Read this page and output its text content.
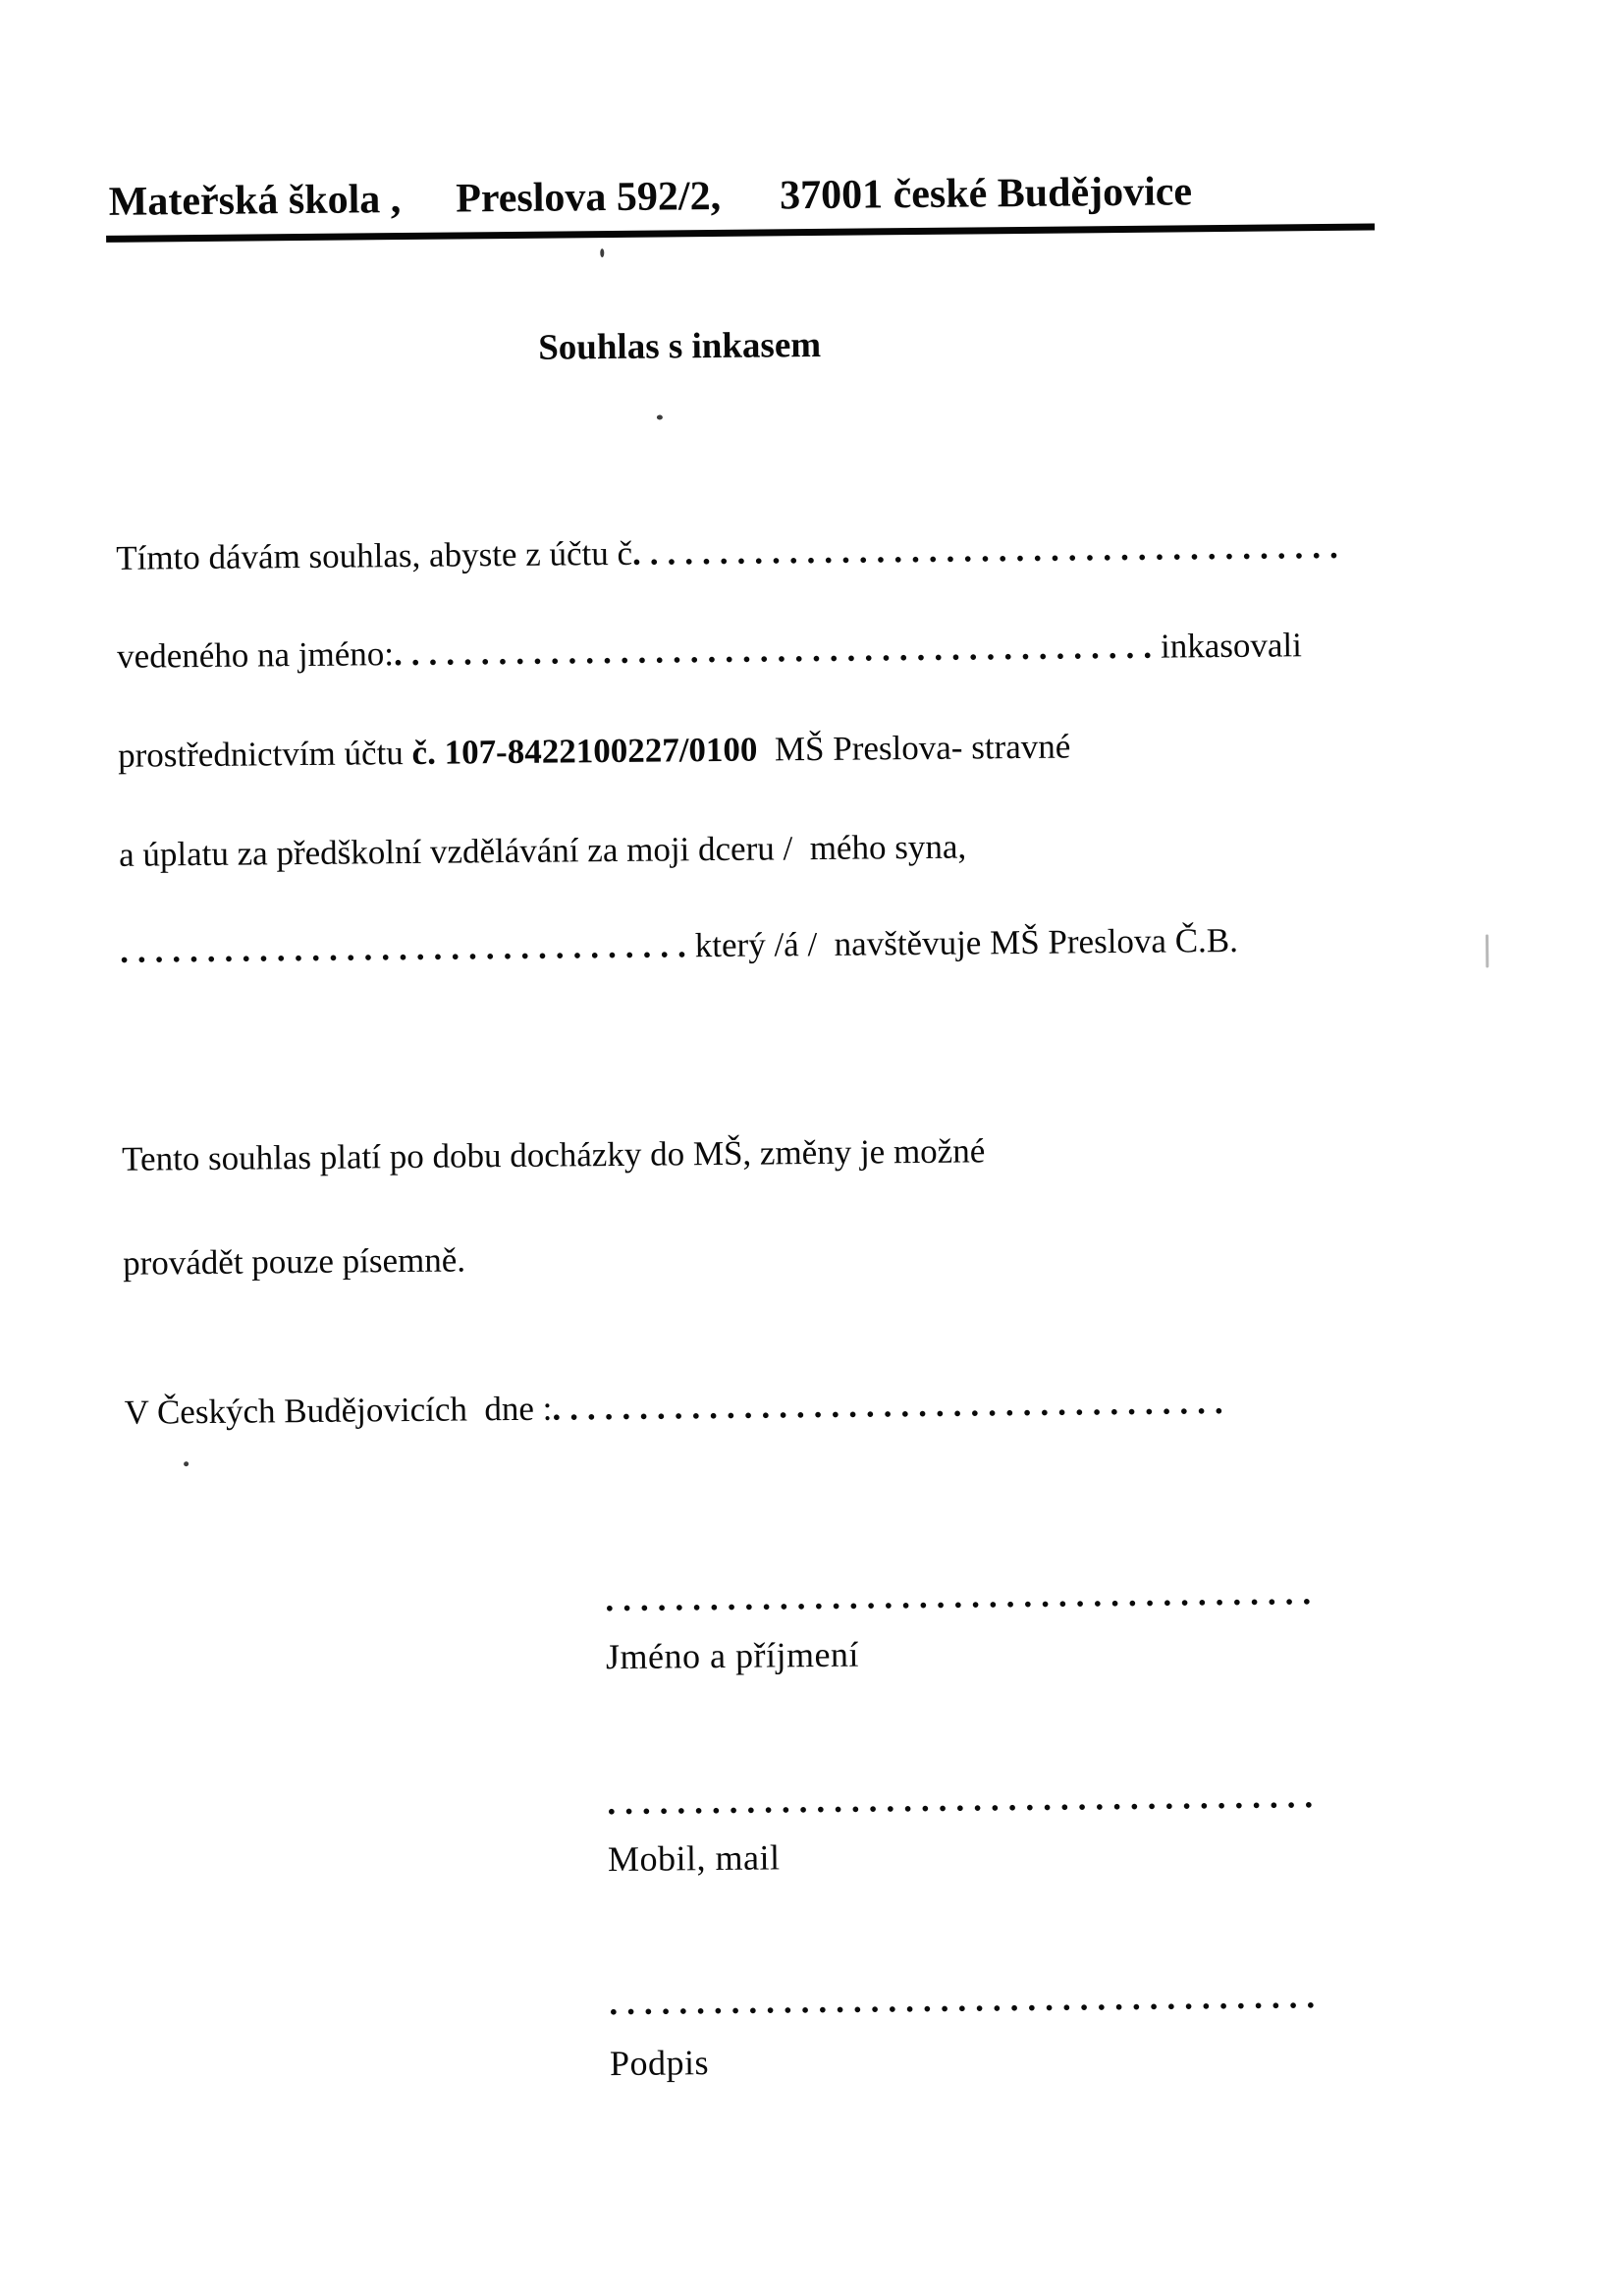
Mateřská škola , Preslova 592/2, 37001 české Budějovice
Souhlas s inkasem
Tímto dávám souhlas, abyste z účtu č.........................................
vedeného na jméno:............................................inkasovali
prostřednictvím účtu č. 107-8422100227/0100  MŠ Preslova- stravné
a úplatu za předškolní vzdělávání za moji dceru /  mého syna,
.................................který /á /  navštěvuje MŠ Preslova Č.B.
Tento souhlas platí po dobu docházky do MŠ, změny je možné
provádět pouze písemně.
V Českých Budějovicích  dne :.......................................
.........................................
Jméno a příjmení
.........................................
Mobil, mail
.........................................
Podpis
